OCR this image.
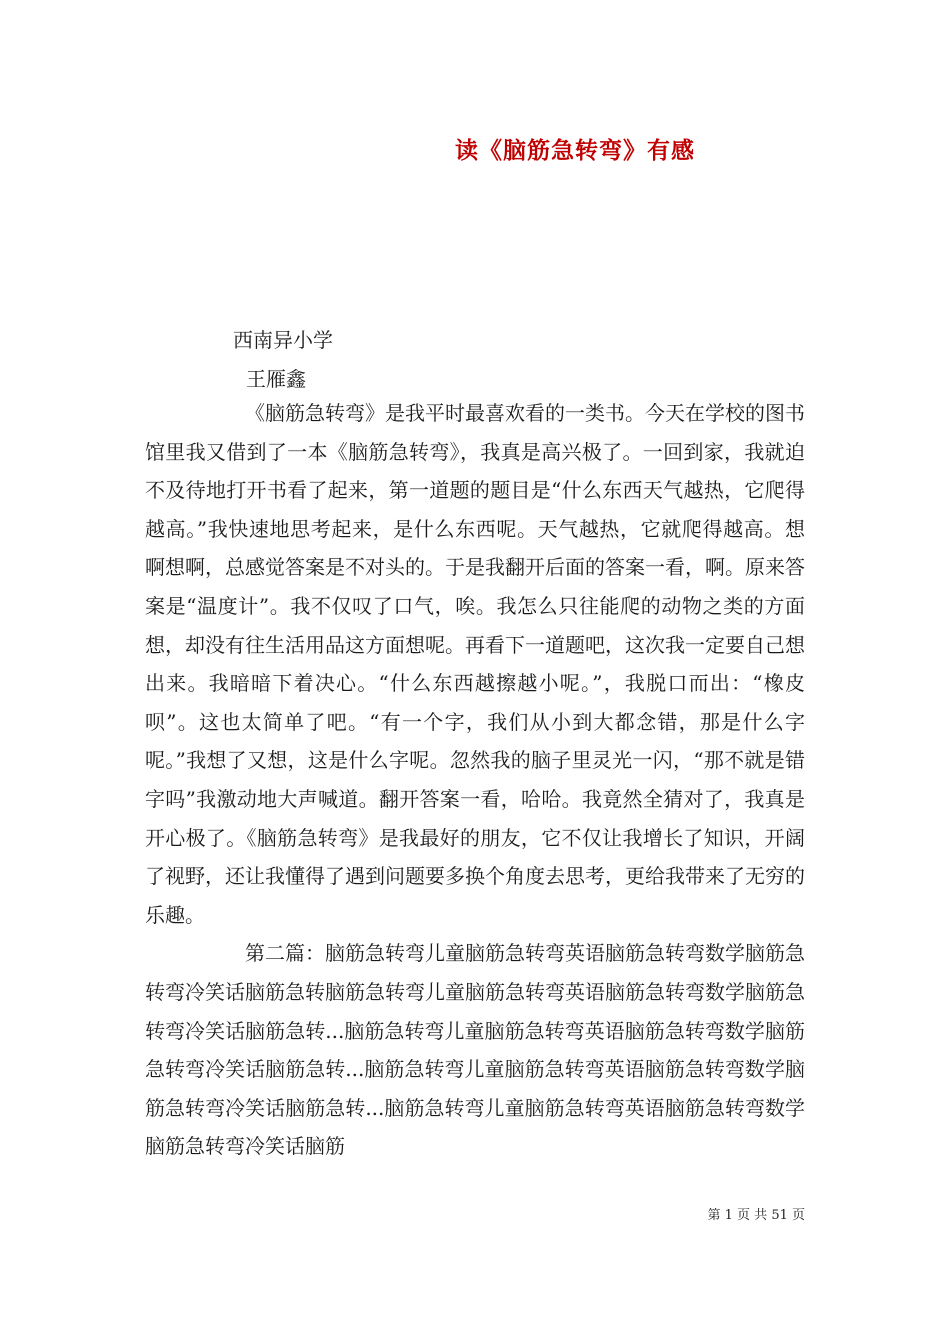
读《脑筋急转弯》有感
西南异小学
王雁鑫

《脑筋急转弯》是我平时最喜欢看的一类书。今天在学校的图书馆里我又借到了一本《脑筋急转弯》，我真是高兴极了。一回到家，我就迫不及待地打开书看了起来，第一道题的题目是“什么东西天气越热，它爬得越高。”我快速地思考起来，是什么东西呢。天气越热，它就爬得越高。想啊想啊，总感觉答案是不对头的。于是我翻开后面的答案一看，啊。原来答案是“温度计”。我不仅叹了口气，唉。我怎么只往能爬的动物之类的方面想，却没有往生活用品这方面想呢。再看下一道题吧，这次我一定要自己想出来。我暗暗下着决心。“什么东西越擦越小呢。”，我脱口而出：“橡皮呗”。这也太简单了吧。“有一个字，我们从小到大都念错，那是什么字呢。”我想了又想，这是什么字呢。忽然我的脑子里灵光一闪，“那不就是错字吗”我激动地大声喊道。翻开答案一看，哈哈。我竟然全猜对了，我真是开心极了。《脑筋急转弯》是我最好的朋友，它不仅让我增长了知识，开阔了视野，还让我懂得了遇到问题要多换个角度去思考，更给我带来了无穷的乐趣。

第二篇：脑筋急转弯儿童脑筋急转弯英语脑筋急转弯数学脑筋急转弯冷笑话脑筋急转脑筋急转弯儿童脑筋急转弯英语脑筋急转弯数学脑筋急转弯冷笑话脑筋急转...脑筋急转弯儿童脑筋急转弯英语脑筋急转弯数学脑筋急转弯冷笑话脑筋急转...脑筋急转弯儿童脑筋急转弯英语脑筋急转弯数学脑筋急转弯冷笑话脑筋急转...脑筋急转弯儿童脑筋急转弯英语脑筋急转弯数学脑筋急转弯冷笑话脑筋

第 1 页 共 51 页
